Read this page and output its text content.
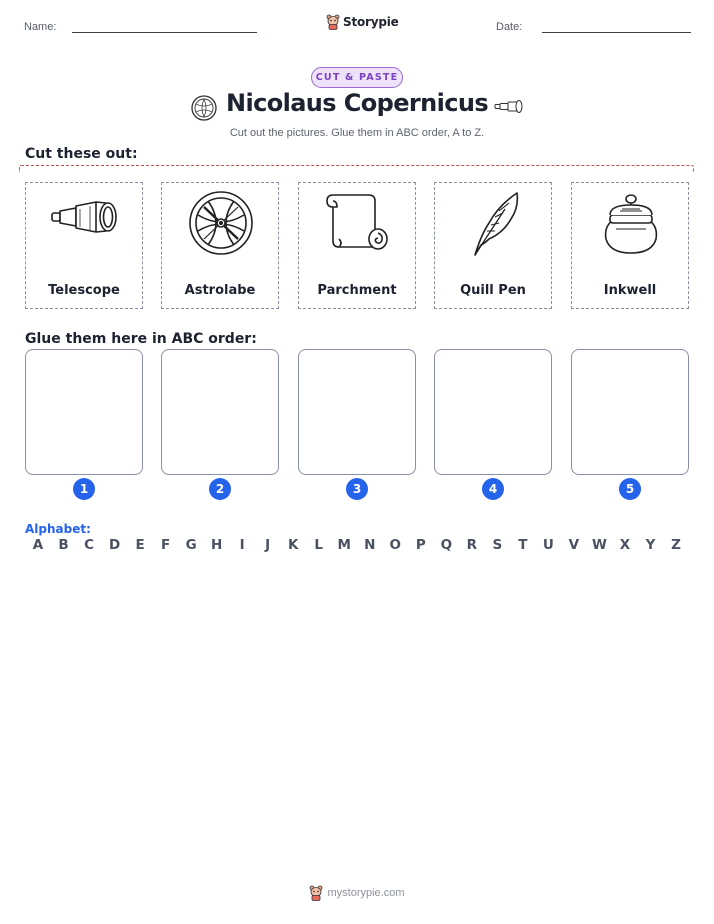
Name:	Storypie	Date:
CUT & PASTE
Nicolaus Copernicus
Cut out the pictures. Glue them in ABC order, A to Z.
Cut these out:
Telescope	Astrolabe	Parchment	Quill Pen	Inkwell
Glue them here in ABC order:
1	2	3	4	5
Alphabet:
A	B	C	D	E	F	G	H	I	J	K	L	M N	O	P	Q	R	S	T	U	V W X	Y	Z
mystorypie.com
